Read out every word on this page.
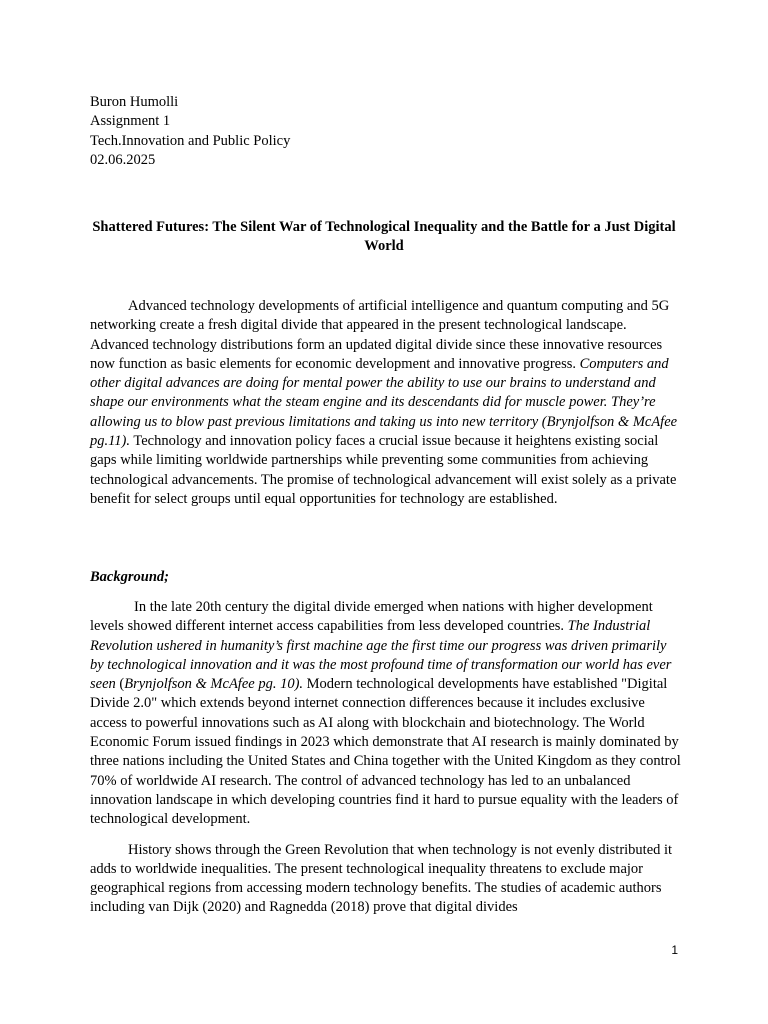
Buron Humolli
Assignment 1
Tech.Innovation and Public Policy
02.06.2025
Shattered Futures: The Silent War of Technological Inequality and the Battle for a Just Digital World

Advanced technology developments of artificial intelligence and quantum computing and 5G networking create a fresh digital divide that appeared in the present technological landscape. Advanced technology distributions form an updated digital divide since these innovative resources now function as basic elements for economic development and innovative progress. Computers and other digital advances are doing for mental power the ability to use our brains to understand and shape our environments what the steam engine and its descendants did for muscle power. They’re allowing us to blow past previous limitations and taking us into new territory (Brynjolfson & McAfee pg.11). Technology and innovation policy faces a crucial issue because it heightens existing social gaps while limiting worldwide partnerships while preventing some communities from achieving technological advancements. The promise of technological advancement will exist solely as a private benefit for select groups until equal opportunities for technology are established.

Background;

In the late 20th century the digital divide emerged when nations with higher development levels showed different internet access capabilities from less developed countries. The Industrial Revolution ushered in humanity’s first machine age the first time our progress was driven primarily by technological innovation and it was the most profound time of transformation our world has ever seen (Brynjolfson & McAfee pg. 10). Modern technological developments have established "Digital Divide 2.0" which extends beyond internet connection differences because it includes exclusive access to powerful innovations such as AI along with blockchain and biotechnology. The World Economic Forum issued findings in 2023 which demonstrate that AI research is mainly dominated by three nations including the United States and China together with the United Kingdom as they control 70% of worldwide AI research. The control of advanced technology has led to an unbalanced innovation landscape in which developing countries find it hard to pursue equality with the leaders of technological development.

History shows through the Green Revolution that when technology is not evenly distributed it adds to worldwide inequalities. The present technological inequality threatens to exclude major geographical regions from accessing modern technology benefits. The studies of academic authors including van Dijk (2020) and Ragnedda (2018) prove that digital divides

1
